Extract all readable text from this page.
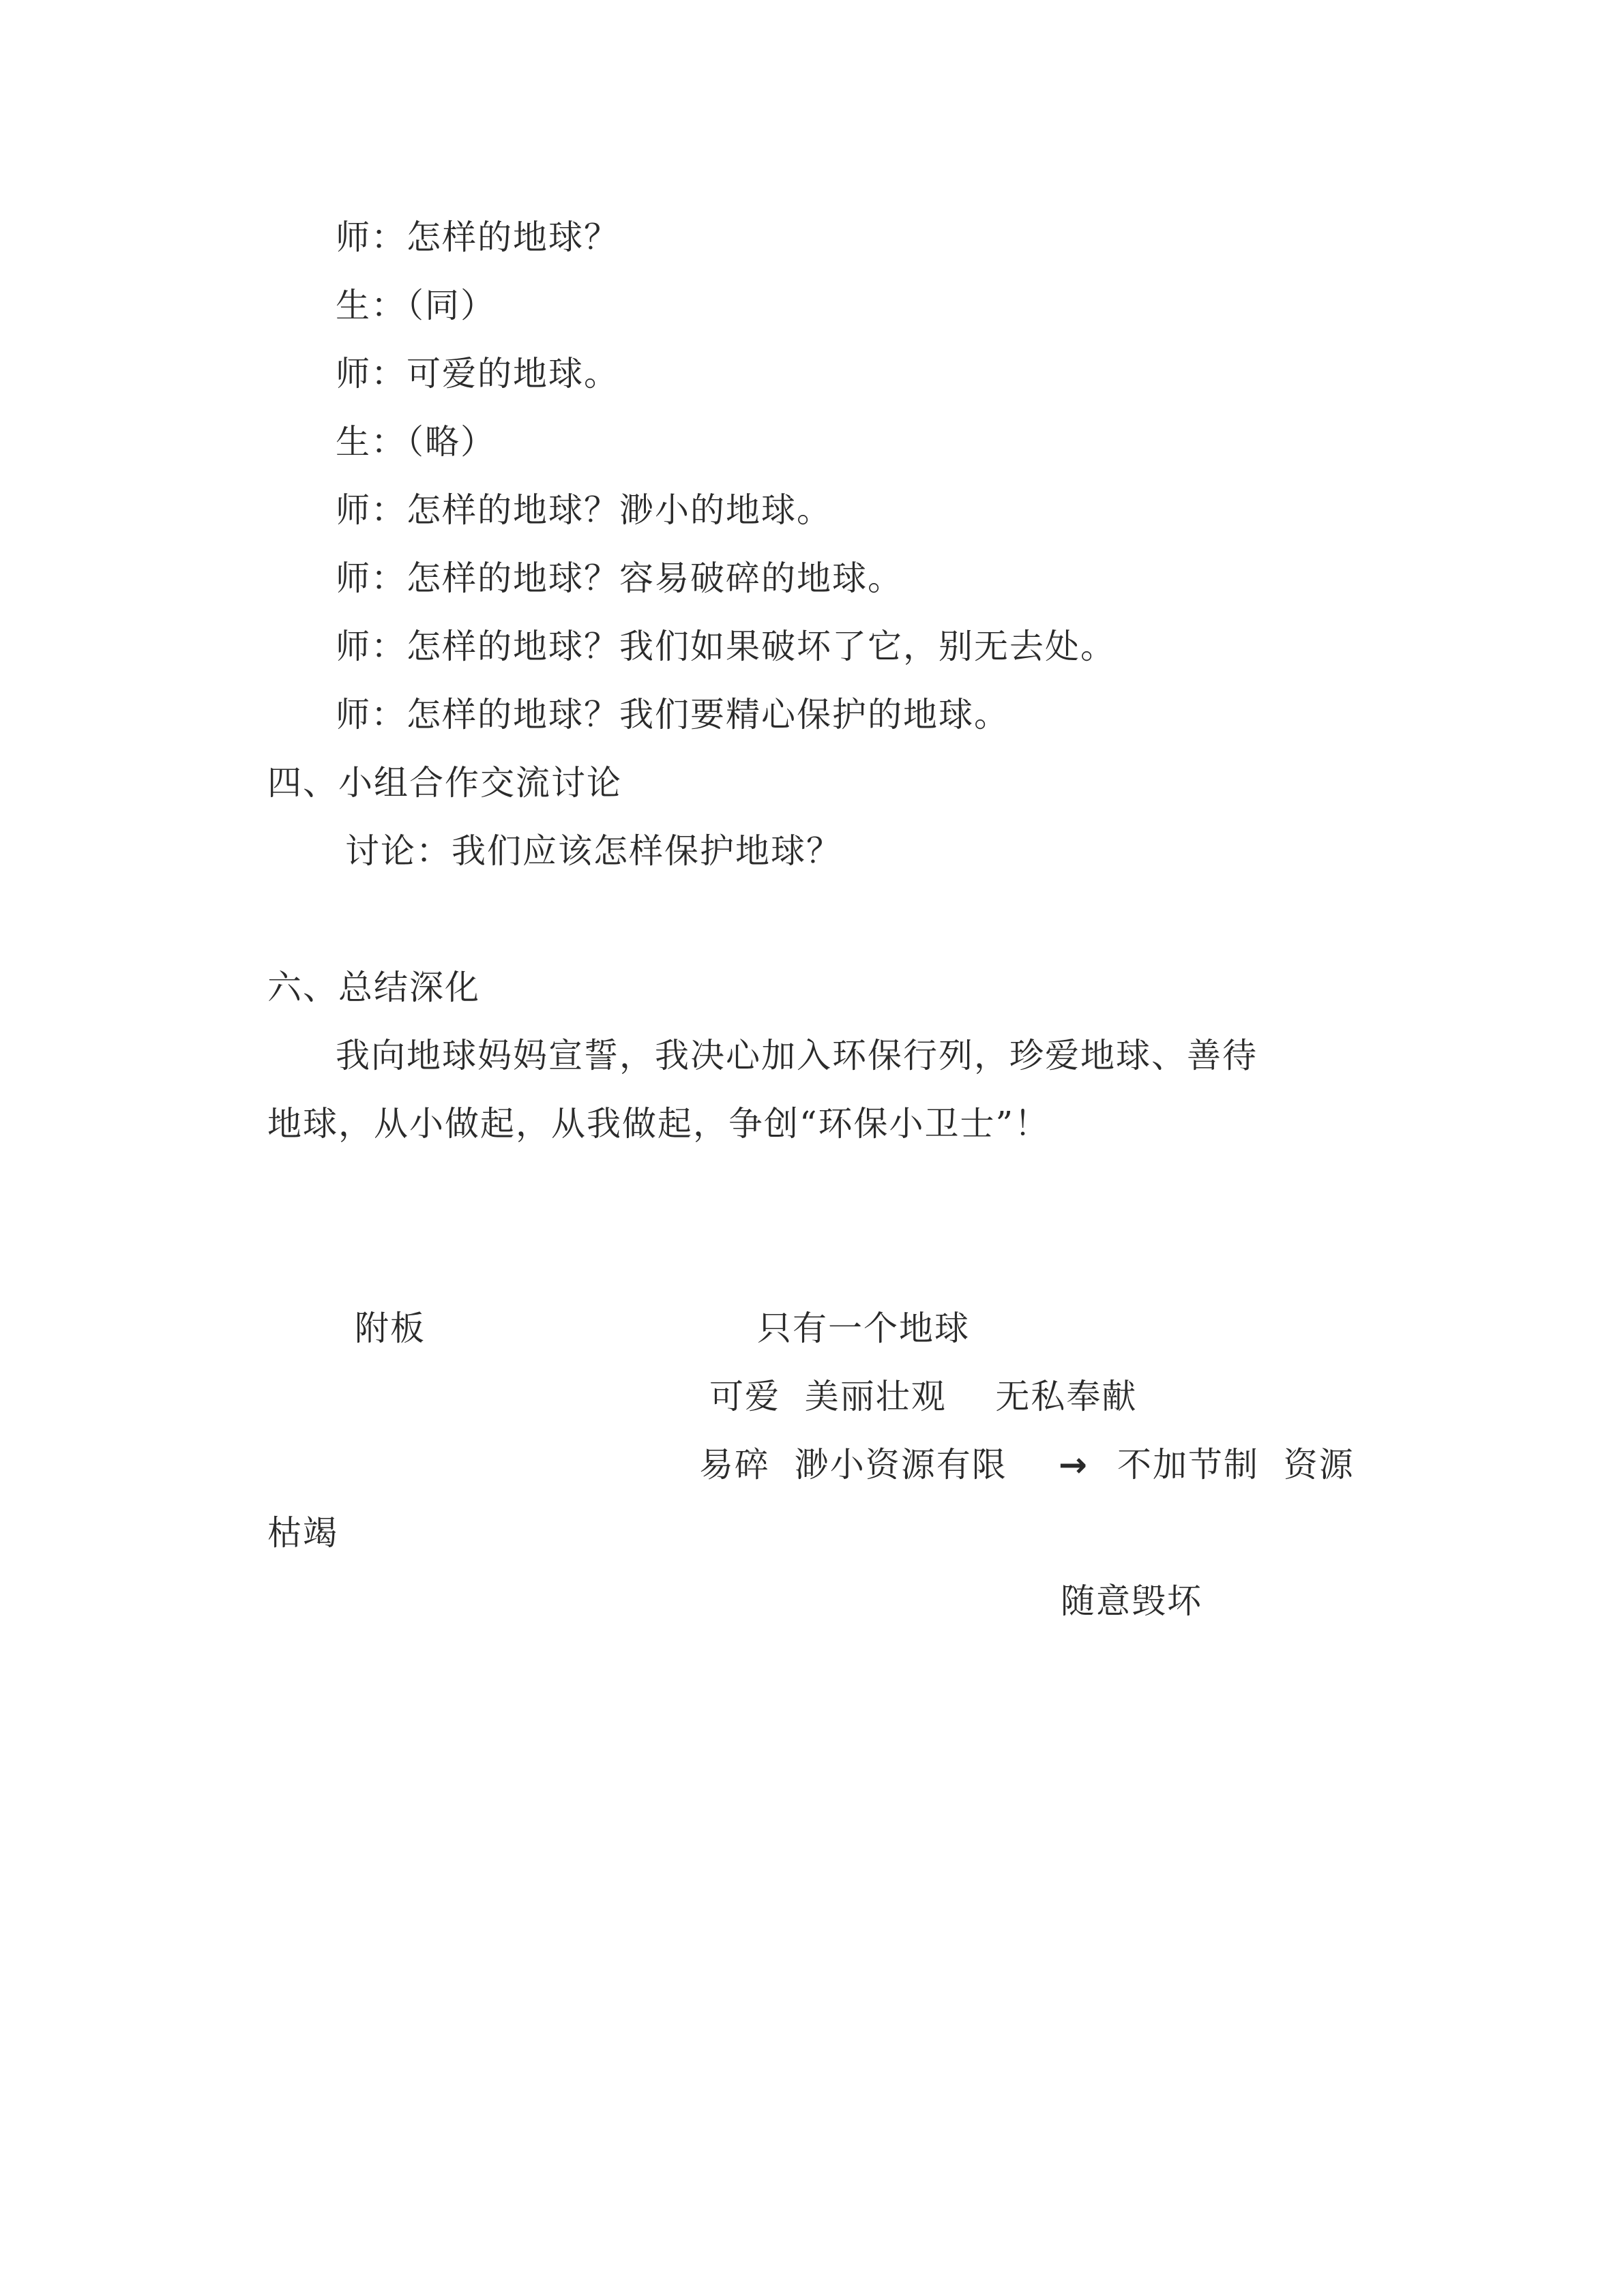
师：怎样的地球？
生：（同）
师：可爱的地球。
生：（略）
师：怎样的地球？渺小的地球。
师：怎样的地球？容易破碎的地球。
师：怎样的地球？我们如果破坏了它，别无去处。
师：怎样的地球？我们要精心保护的地球。
四、小组合作交流讨论
讨论：我们应该怎样保护地球？
六、总结深化
我向地球妈妈宣誓，我决心加入环保行列，珍爱地球、善待
地球，从小做起，从我做起，争创“环保小卫士”！
附板	只有一个地球
可爱  美丽壮观    无私奉献
易碎  渺小资源有限 → 不加节制  资源
枯竭
随意毁坏
